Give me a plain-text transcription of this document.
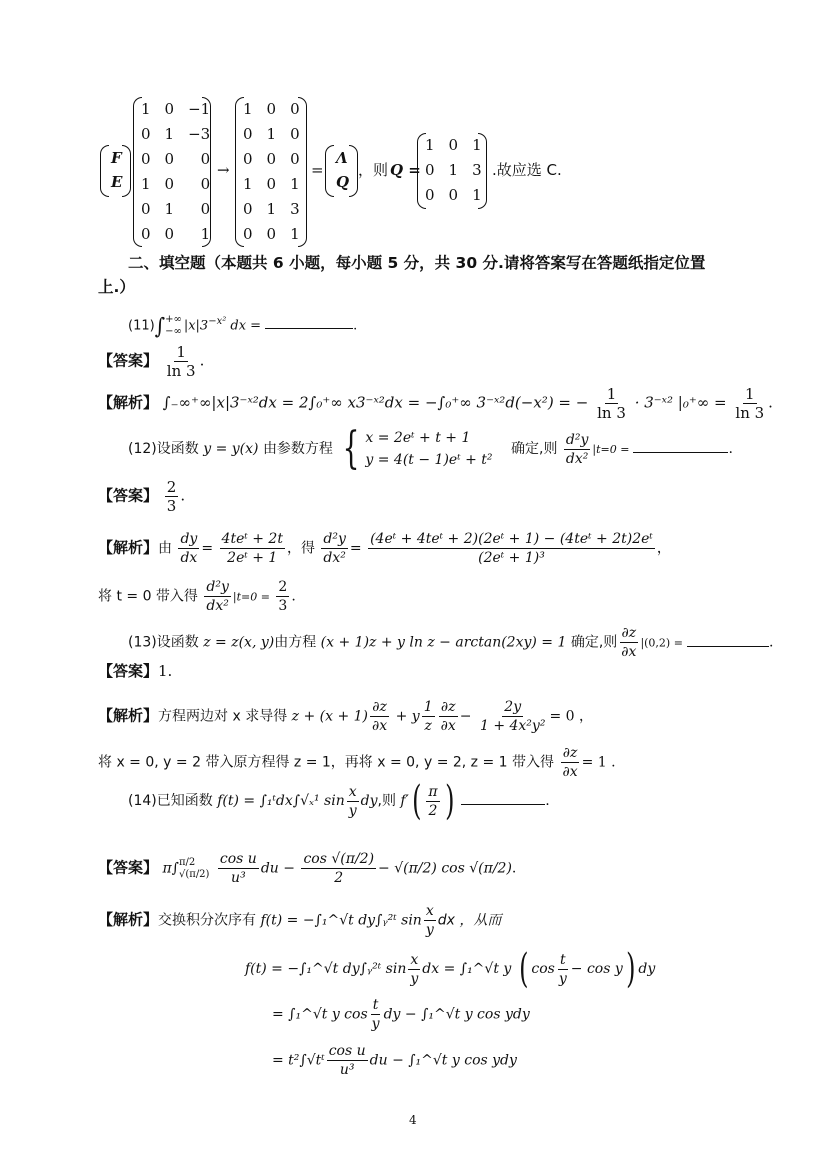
F
E
1	0	−1
0	1	−3
0	0	0
1	0	0
0	1	0
0	0	1
→
1	0	0
0	1	0
0	0	0
1	0	1
0	1	3
0	0	1
=
Λ
Q
，则 Q =
1	0	1
0	1	3
0	0	1
.故应选 C.
二、填空题（本题共 6 小题，每小题 5 分，共 30 分.请将答案写在答题纸指定位置
上.）
(11)∫ +∞
−∞ $|x|3^{-x^2}$ dx =	.
【答案】 $\frac{1}{\ln 3}$ .
【解析】 ∫₋∞⁺∞|x|3⁻ˣ²dx = 2∫₀⁺∞ x3⁻ˣ²dx = −∫₀⁺∞ 3⁻ˣ²d(−x²) = − $\frac{1}{\ln 3}$ · 3⁻ˣ² $|_0^+\infty = \frac{1}{\ln 3}$ .
(12)设函数 y = y(x) 由参数方程 { x = 2eᵗ + t + 1
y = 4(t − 1)eᵗ + t²
确定,则 $\frac{\text{d²y}}{\text{dx²}} |t=0$ =	.
【答案】 $\frac{2}{3}$ .
【解析】由 $\frac{dy}{dx} = \frac{\text{4teᵗ + 2t}}{\text{2eᵗ + 1}}$ ，得 $\frac{\text{d²y}}{\text{dx²}} = \frac{\text{(4eᵗ + 4teᵗ + 2)(2eᵗ + 1) − (4teᵗ + 2t)2eᵗ}}{\text{(2eᵗ + 1)³}}$ ，
将 t = 0 带入得 $\frac{\text{d²y}}{\text{dx²}} |t=0 = \frac{2}{3}$ .
(13)设函数 z = z(x, y)由方程 (x + 1)z + y ln z − arctan(2xy) = 1 确定,则 $\frac{\partial z}{\partial x} |(0,2)$ =	.
【答案】1.
【解析】方程两边对 x 求导得 $z + (x + 1) \frac{\partial z}{\partial x} + y \frac{1}{z} \frac{\partial z}{\partial x} - \frac{2y}{\text{1 + 4x²y²}} = 0$ ，
将 x = 0, y = 2 带入原方程得 z = 1，再将 x = 0, y = 2, z = 1 带入得 $\frac{\partial z}{\partial x} = 1$ .
(14)已知函数 f(t) = ∫₁ᵗdx∫√ₓ¹ $\sin \frac{x}{y}$ dy,则 $f'( \frac{\pi}{2}$ )	.
【答案】 π∫ π/2
√(π/2)
$\frac{\text{cos u}}{\text{u³}}$ du − $\frac{\cos √(\pi/2)}{2} - √(\pi/2)$ cos √(π/2).
【解析】交换积分次序有 f(t) = −∫₁^√t dy∫ᵧ²ᵗ $\sin \frac{x}{y}$ dx ，从而
f(t) = −∫₁^√t dy∫ᵧ²ᵗ $\sin \frac{x}{y}$ dx = ∫₁^√t y ( $\cos \frac{t}{y} - \cos y$) dy
= ∫₁^√t y $\cos \frac{t}{y}$ dy − ∫₁^√t y cos ydy
= t²∫√tᵗ $\frac{\text{cos u}}{\text{u³}}$ du − ∫₁^√t y cos ydy
4
